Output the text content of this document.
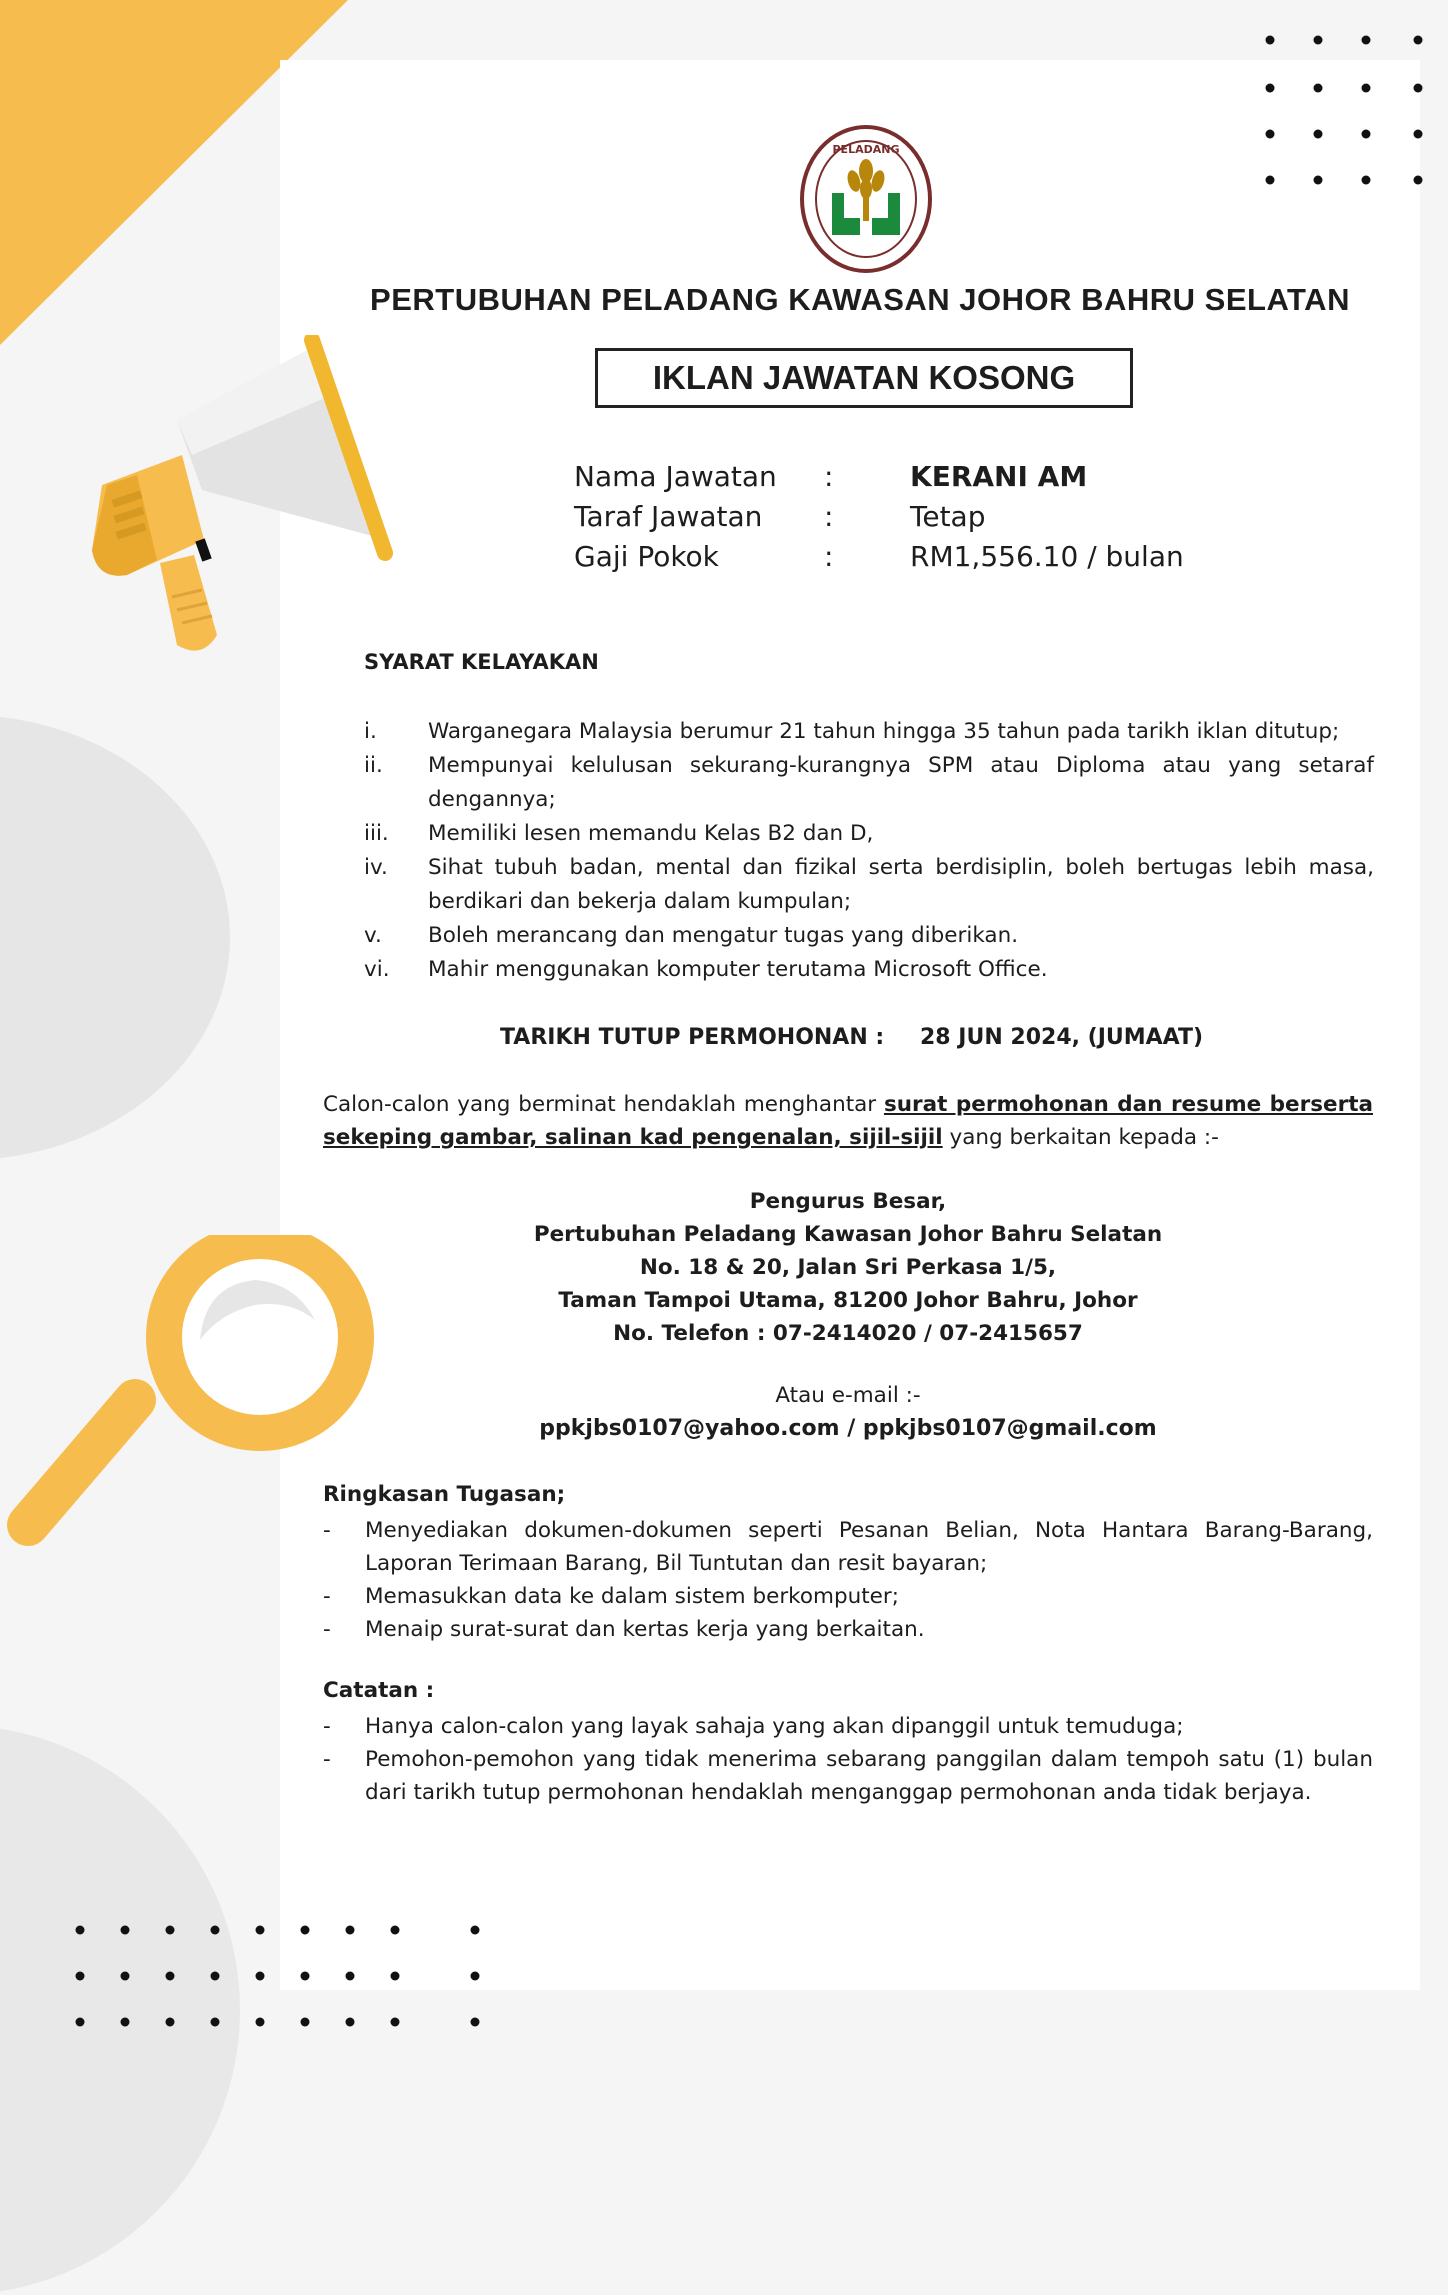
PELADANG
PERTUBUHAN PELADANG KAWASAN JOHOR BAHRU SELATAN
IKLAN JAWATAN KOSONG
Nama Jawatan :	KERANI AM
Taraf Jawatan :	Tetap
Gaji Pokok	:	RM1,556.10 / bulan
SYARAT KELAYAKAN
i. Warganegara Malaysia berumur 21 tahun hingga 35 tahun pada tarikh iklan ditutup;
ii. Mempunyai kelulusan sekurang-kurangnya SPM atau Diploma atau yang setaraf dengannya;
iii. Memiliki lesen memandu Kelas B2 dan D,
iv. Sihat tubuh badan, mental dan fizikal serta berdisiplin, boleh bertugas lebih masa, berdikari dan bekerja dalam kumpulan;
v. Boleh merancang dan mengatur tugas yang diberikan.
vi. Mahir menggunakan komputer terutama Microsoft Office.
TARIKH TUTUP PERMOHONAN : 28 JUN 2024, (JUMAAT)
Calon-calon yang berminat hendaklah menghantar surat permohonan dan resume berserta sekeping gambar, salinan kad pengenalan, sijil-sijil yang berkaitan kepada :-
Pengurus Besar,
Pertubuhan Peladang Kawasan Johor Bahru Selatan
No. 18 & 20, Jalan Sri Perkasa 1/5,
Taman Tampoi Utama, 81200 Johor Bahru, Johor
No. Telefon : 07-2414020 / 07-2415657
Atau e-mail :-
ppkjbs0107@yahoo.com / ppkjbs0107@gmail.com
Ringkasan Tugasan;
- Menyediakan dokumen-dokumen seperti Pesanan Belian, Nota Hantara Barang-Barang, Laporan Terimaan Barang, Bil Tuntutan dan resit bayaran;
- Memasukkan data ke dalam sistem berkomputer;
- Menaip surat-surat dan kertas kerja yang berkaitan.
Catatan :
- Hanya calon-calon yang layak sahaja yang akan dipanggil untuk temuduga;
- Pemohon-pemohon yang tidak menerima sebarang panggilan dalam tempoh satu (1) bulan dari tarikh tutup permohonan hendaklah menganggap permohonan anda tidak berjaya.
